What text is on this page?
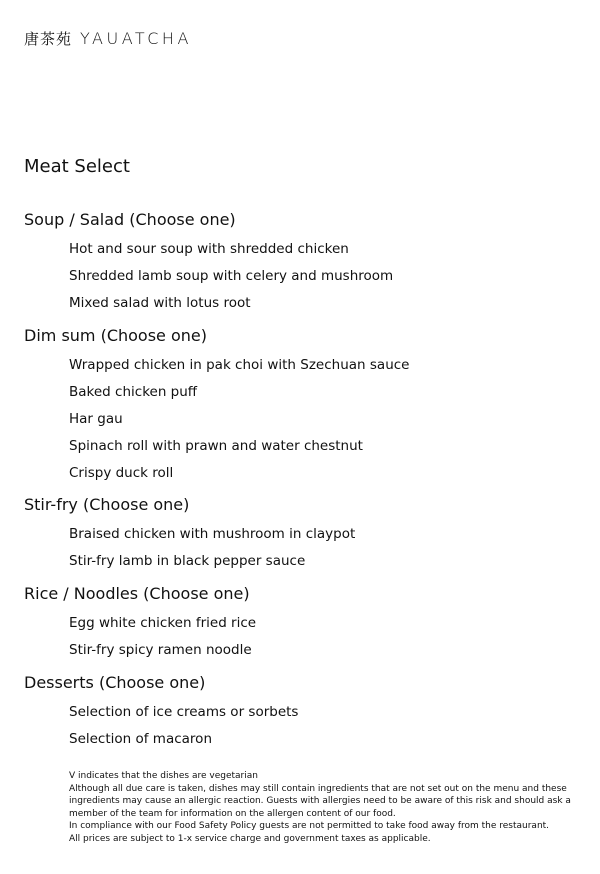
唐茶苑 YAUATCHA
Meat Select
Soup / Salad (Choose one)
Hot and sour soup with shredded chicken
Shredded lamb soup with celery and mushroom
Mixed salad with lotus root
Dim sum (Choose one)
Wrapped chicken in pak choi with Szechuan sauce
Baked chicken puff
Har gau
Spinach roll with prawn and water chestnut
Crispy duck roll
Stir-fry (Choose one)
Braised chicken with mushroom in claypot
Stir-fry lamb in black pepper sauce
Rice / Noodles (Choose one)
Egg white chicken fried rice
Stir-fry spicy ramen noodle
Desserts (Choose one)
Selection of ice creams or sorbets
Selection of macaron

V indicates that the dishes are vegetarian

Although all due care is taken, dishes may still contain ingredients that are not set out on the menu and these ingredients may cause an allergic reaction. Guests with allergies need to be aware of this risk and should ask a member of the team for information on the allergen content of our food.

In compliance with our Food Safety Policy guests are not permitted to take food away from the restaurant.

All prices are subject to 1-x service charge and government taxes as applicable.
